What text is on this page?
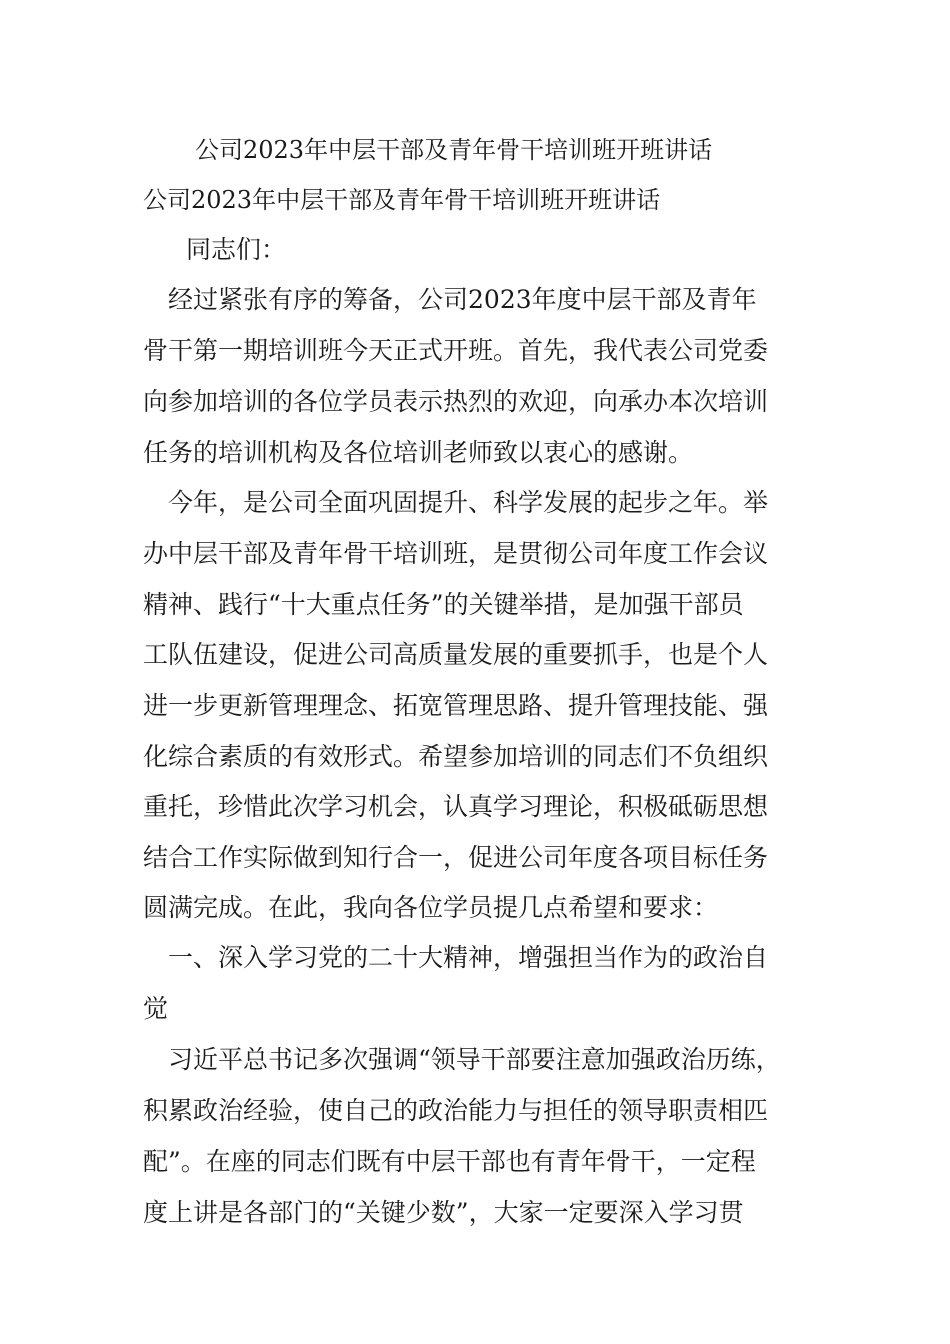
公司2023年中层干部及青年骨干培训班开班讲话
公司2023年中层干部及青年骨干培训班开班讲话
同志们：
　经过紧张有序的筹备，公司2023年度中层干部及青年
骨干第一期培训班今天正式开班。首先，我代表公司党委
向参加培训的各位学员表示热烈的欢迎，向承办本次培训
任务的培训机构及各位培训老师致以衷心的感谢。
　今年，是公司全面巩固提升、科学发展的起步之年。举
办中层干部及青年骨干培训班，是贯彻公司年度工作会议
精神、践行“十大重点任务”的关键举措，是加强干部员
工队伍建设，促进公司高质量发展的重要抓手，也是个人
进一步更新管理理念、拓宽管理思路、提升管理技能、强
化综合素质的有效形式。希望参加培训的同志们不负组织
重托，珍惜此次学习机会，认真学习理论，积极砥砺思想
结合工作实际做到知行合一，促进公司年度各项目标任务
圆满完成。在此，我向各位学员提几点希望和要求：
　一、深入学习党的二十大精神，增强担当作为的政治自
觉
　习近平总书记多次强调“领导干部要注意加强政治历练，
积累政治经验，使自己的政治能力与担任的领导职责相匹
配”。在座的同志们既有中层干部也有青年骨干，一定程
度上讲是各部门的“关键少数”，大家一定要深入学习贯
